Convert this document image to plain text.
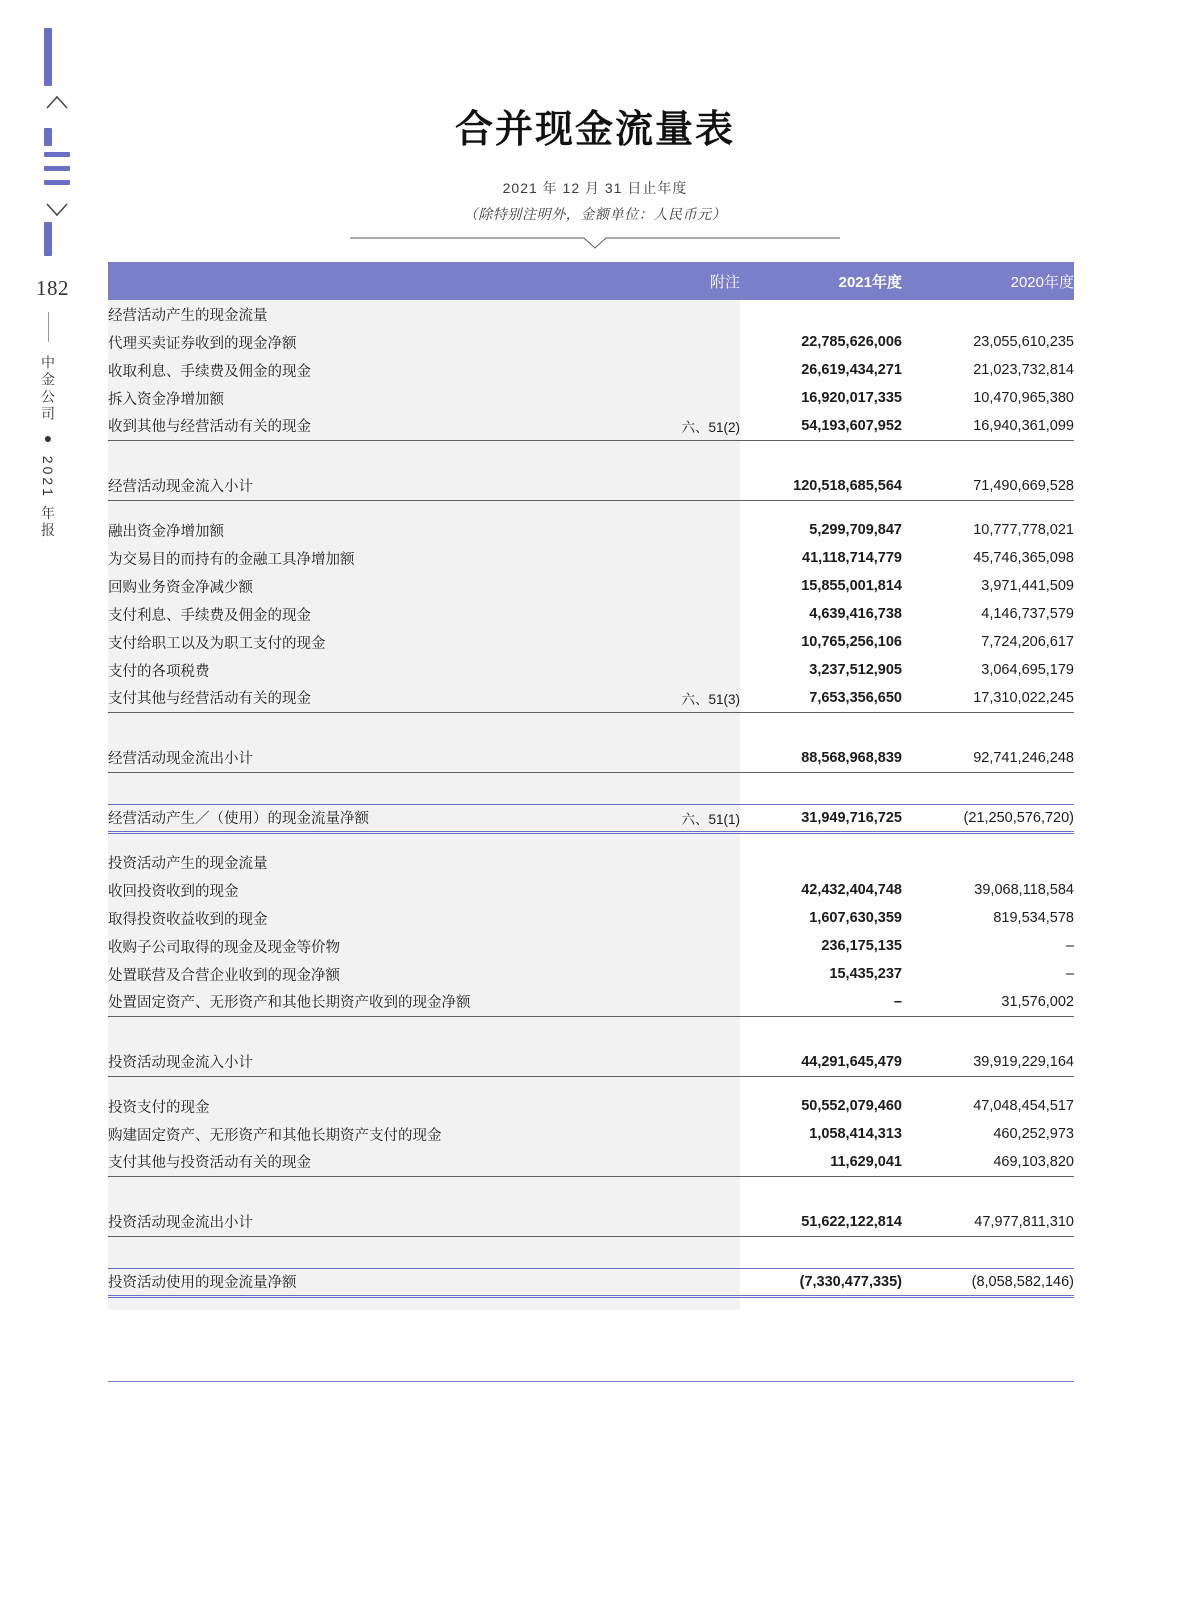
182
中金公司 ● 2021 年报
合并现金流量表
2021 年 12 月 31 日止年度
（除特别注明外，金额单位：人民币元）
	附注	2021年度	2020年度
经营活动产生的现金流量			
代理买卖证券收到的现金净额		22,785,626,006	23,055,610,235
收取利息、手续费及佣金的现金		26,619,434,271	21,023,732,814
拆入资金净增加额		16,920,017,335	10,470,965,380
收到其他与经营活动有关的现金	六、51(2)	54,193,607,952	16,940,361,099

经营活动现金流入小计		120,518,685,564	71,490,669,528

融出资金净增加额		5,299,709,847	10,777,778,021
为交易目的而持有的金融工具净增加额		41,118,714,779	45,746,365,098
回购业务资金净减少额		15,855,001,814	3,971,441,509
支付利息、手续费及佣金的现金		4,639,416,738	4,146,737,579
支付给职工以及为职工支付的现金		10,765,256,106	7,724,206,617
支付的各项税费		3,237,512,905	3,064,695,179
支付其他与经营活动有关的现金	六、51(3)	7,653,356,650	17,310,022,245

经营活动现金流出小计		88,568,968,839	92,741,246,248

经营活动产生／（使用）的现金流量净额	六、51(1)	31,949,716,725	(21,250,576,720)

投资活动产生的现金流量			
收回投资收到的现金		42,432,404,748	39,068,118,584
取得投资收益收到的现金		1,607,630,359	819,534,578
收购子公司取得的现金及现金等价物		236,175,135	–
处置联营及合营企业收到的现金净额		15,435,237	–
处置固定资产、无形资产和其他长期资产收到的现金净额		–	31,576,002

投资活动现金流入小计		44,291,645,479	39,919,229,164

投资支付的现金		50,552,079,460	47,048,454,517
购建固定资产、无形资产和其他长期资产支付的现金		1,058,414,313	460,252,973
支付其他与投资活动有关的现金		11,629,041	469,103,820

投资活动现金流出小计		51,622,122,814	47,977,811,310

投资活动使用的现金流量净额		(7,330,477,335)	(8,058,582,146)
